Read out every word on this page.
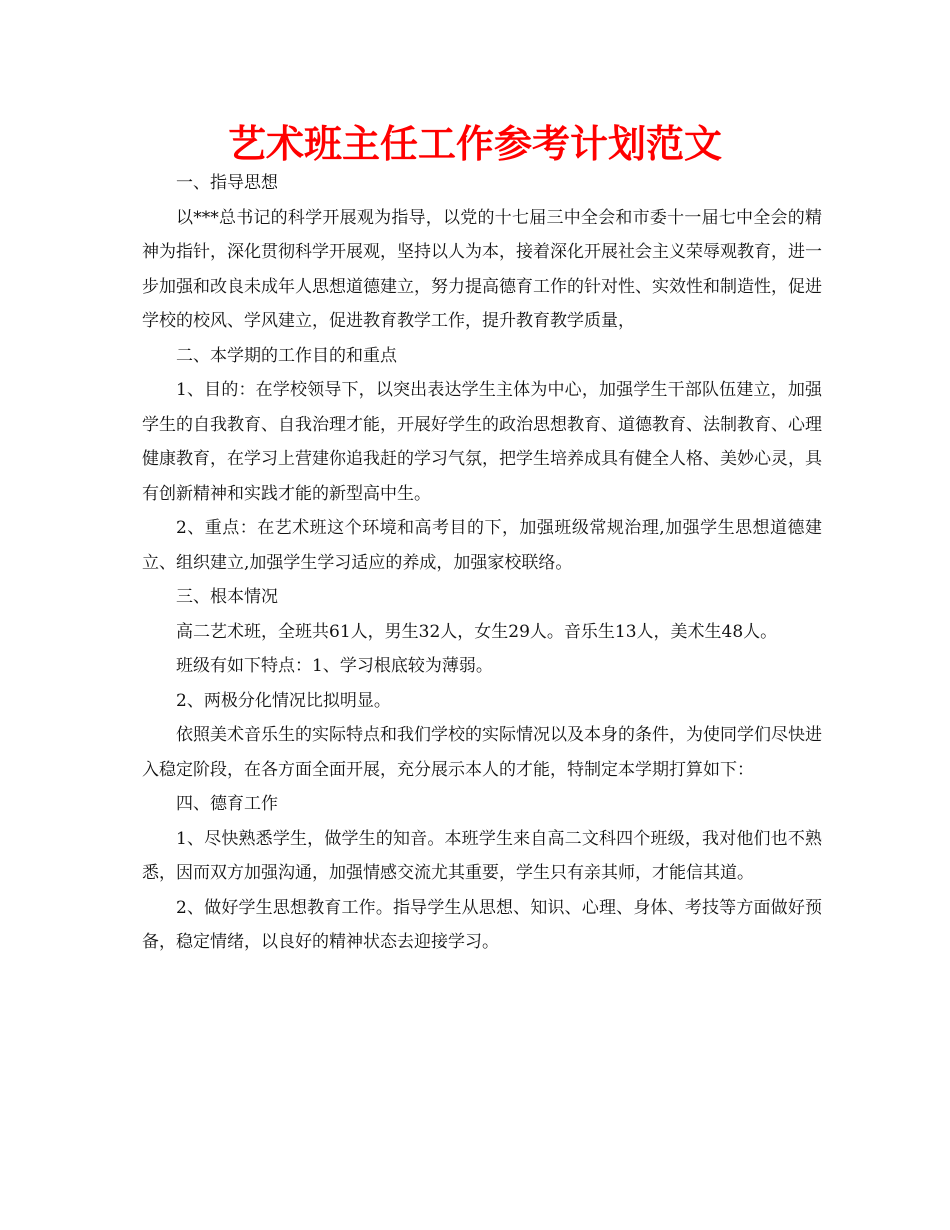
艺术班主任工作参考计划范文

一、指导思想

以***总书记的科学开展观为指导，以党的十七届三中全会和市委十一届七中全会的精神为指针，深化贯彻科学开展观，坚持以人为本，接着深化开展社会主义荣辱观教育，进一步加强和改良未成年人思想道德建立，努力提高德育工作的针对性、实效性和制造性，促进学校的校风、学风建立，促进教育教学工作，提升教育教学质量，

二、本学期的工作目的和重点

1、目的：在学校领导下，以突出表达学生主体为中心，加强学生干部队伍建立，加强学生的自我教育、自我治理才能，开展好学生的政治思想教育、道德教育、法制教育、心理健康教育，在学习上营建你追我赶的学习气氛，把学生培养成具有健全人格、美妙心灵，具有创新精神和实践才能的新型高中生。

2、重点：在艺术班这个环境和高考目的下，加强班级常规治理,加强学生思想道德建立、组织建立,加强学生学习适应的养成，加强家校联络。

三、根本情况

高二艺术班，全班共61人，男生32人，女生29人。音乐生13人，美术生48人。

班级有如下特点：1、学习根底较为薄弱。

2、两极分化情况比拟明显。

依照美术音乐生的实际特点和我们学校的实际情况以及本身的条件，为使同学们尽快进入稳定阶段，在各方面全面开展，充分展示本人的才能，特制定本学期打算如下：

四、德育工作

1、尽快熟悉学生，做学生的知音。本班学生来自高二文科四个班级，我对他们也不熟悉，因而双方加强沟通，加强情感交流尤其重要，学生只有亲其师，才能信其道。

2、做好学生思想教育工作。指导学生从思想、知识、心理、身体、考技等方面做好预备，稳定情绪，以良好的精神状态去迎接学习。
